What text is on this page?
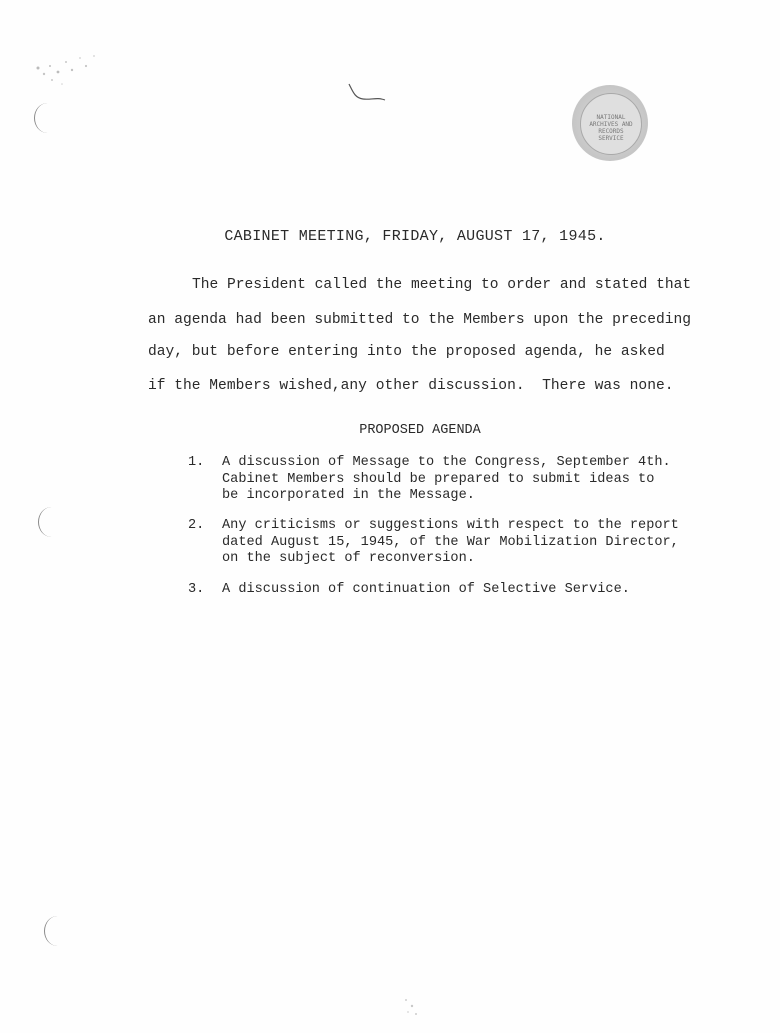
NATIONAL
ARCHIVES AND
RECORDS
SERVICE
CABINET MEETING, FRIDAY, AUGUST 17, 1945.
The President called the meeting to order and stated that
an agenda had been submitted to the Members upon the preceding
day, but before entering into the proposed agenda, he asked
if the Members wished,any other discussion.  There was none.
PROPOSED AGENDA
1.	A discussion of Message to the Congress, September 4th.
Cabinet Members should be prepared to submit ideas to
be incorporated in the Message.
2.	Any criticisms or suggestions with respect to the report
dated August 15, 1945, of the War Mobilization Director,
on the subject of reconversion.
3.	A discussion of continuation of Selective Service.
